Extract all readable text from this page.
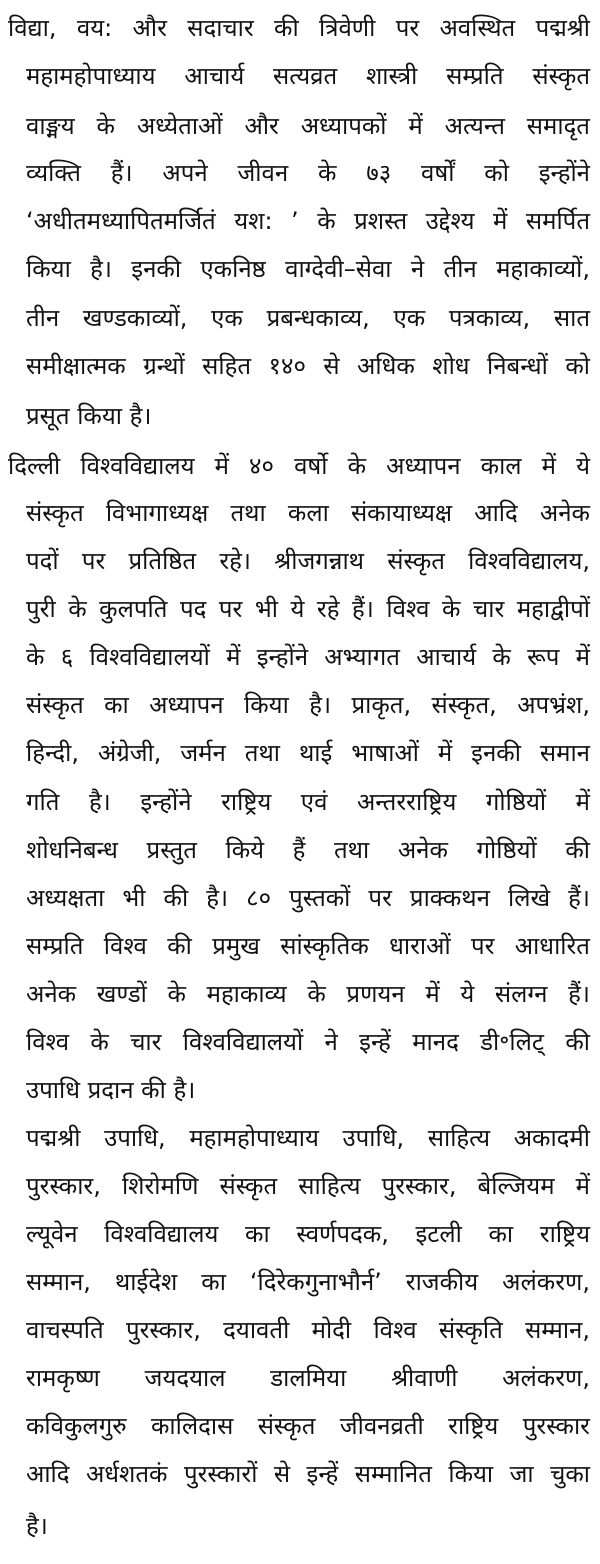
विद्या, वय: और सदाचार की त्रिवेणी पर अवस्थित पद्मश्री
महामहोपाध्याय आचार्य सत्यव्रत शास्त्री सम्प्रति संस्कृत
वाङ्मय के अध्येताओं और अध्यापकों में अत्यन्त समादृत
व्यक्ति हैं। अपने जीवन के ७३ वर्षों को इन्होंने
‘अधीतमध्यापितमर्जितं यश: ’ के प्रशस्त उद्देश्य में समर्पित
किया है। इनकी एकनिष्ठ वाग्देवी–सेवा ने तीन महाकाव्यों,
तीन खण्डकाव्यों, एक प्रबन्धकाव्य, एक पत्रकाव्य, सात
समीक्षात्मक ग्रन्थों सहित १४० से अधिक शोध निबन्धों को
प्रसूत किया है।
दिल्ली विश्वविद्यालय में ४० वर्षो के अध्यापन काल में ये
संस्कृत विभागाध्यक्ष तथा कला संकायाध्यक्ष आदि अनेक
पदों पर प्रतिष्ठित रहे। श्रीजगन्नाथ संस्कृत विश्वविद्यालय,
पुरी के कुलपति पद पर भी ये रहे हैं। विश्व के चार महाद्वीपों
के ६ विश्वविद्यालयों में इन्होंने अभ्यागत आचार्य के रूप में
संस्कृत का अध्यापन किया है। प्राकृत, संस्कृत, अपभ्रंश,
हिन्दी, अंग्रेजी, जर्मन तथा थाई भाषाओं में इनकी समान
गति है। इन्होंने राष्ट्रिय एवं अन्तरराष्ट्रिय गोष्ठियों में
शोधनिबन्ध प्रस्तुत किये हैं तथा अनेक गोष्ठियों की
अध्यक्षता भी की है। ८० पुस्तकों पर प्राक्कथन लिखे हैं।
सम्प्रति विश्व की प्रमुख सांस्कृतिक धाराओं पर आधारित
अनेक खण्डों के महाकाव्य के प्रणयन में ये संलग्न हैं।
विश्व के चार विश्वविद्यालयों ने इन्हें मानद डी॰लिट् की
उपाधि प्रदान की है।
पद्मश्री उपाधि, महामहोपाध्याय उपाधि, साहित्य अकादमी
पुरस्कार, शिरोमणि संस्कृत साहित्य पुरस्कार, बेल्जियम में
ल्यूवेन विश्वविद्यालय का स्वर्णपदक, इटली का राष्ट्रिय
सम्मान, थाईदेश का ‘दिरेकगुनाभौर्न’ राजकीय अलंकरण,
वाचस्पति पुरस्कार, दयावती मोदी विश्व संस्कृति सम्मान,
रामकृष्ण जयदयाल डालमिया श्रीवाणी अलंकरण,
कविकुलगुरु कालिदास संस्कृत जीवनव्रती राष्ट्रिय पुरस्कार
आदि अर्धशतकं पुरस्कारों से इन्हें सम्मानित किया जा चुका
है।
